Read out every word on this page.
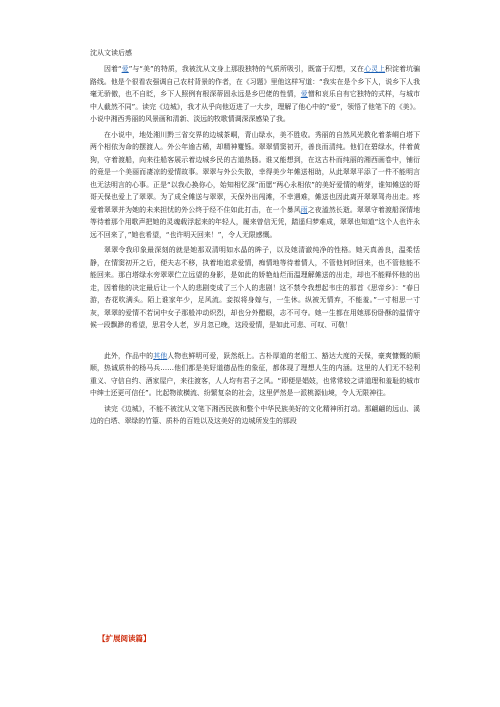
沈从文读后感

因着“爱”与“美”的特质，我被沈从文身上那股独特的气质所吸引，既富于幻想，又在心灵上积淀着坑骗路线。他是个很看农强调自己农村背景的作者，在《习题》里他这样写道：“我实在是个乡下人，说乡下人我毫无骄傲，也不自眨，乡下人照例有根深蒂固永远是乡巴佬的性情，爱憎和哀乐自有它独特的式样，与城市中人截然不同”。读完《边城》，我才从乎向他迈进了一大步，理解了他心中的“爱”，领悟了他笔下的《美》。小说中湘西秀丽的风景画和清新、淡远的牧歌情调深深感染了我。

在小说中，地处湘川黔三省交界的边城茶峒，青山绿水，美不胜收。秀丽的自然风光教化着茶峒白塔下两个相依为命的摆渡人。外公年逾古稀，却精神矍铄。翠翠情窦初开，善良而清纯。他们在碧绿水，伴着黄狗，守着渡船，向来往船客展示着边城乡民的古道热肠。谁又能想到，在这古朴而纯丽的湘西画卷中，铺衍的竟是一个美丽而凄凉的爱情故事。翠翠与外公失散，幸得美少年傩送相助，从此翠翠平添了一件不能明言也无法明言的心事。正是“以我心换你心，始知相忆深”而愿“两心永相依”的美好爱情的萌芽，谁知傩送的哥哥天保也爱上了翠翠。为了成全傩送与翠翠，天保外出闯滩，不幸遇难，傩送也因此离开翠翠驾舟出走。疼爱着翠翠并为她的未来担忧的外公终于经不住如此打击，在一个暴风雨之夜溘然长逝。翠翠守着渡船深情地等待着那个用歌声把她的灵魂载浮起来的年轻人，履来曾信无凭，踏遥归梦难成，翠翠也知道“这个人也许永远不回来了，”她也希望，“也许明天回来！”，令人无限感慨。

翠翠令我印象最深刻的就是她那双清明如水晶的眸子，以及她清澈纯净的性格。她天真善良，温柔恬静，在情窦初开之后，便夫志不移，执着地追求爱情，痴情地等待着情人，不管他何时回来，也不管他能不能回来。那白塔绿水旁翠翠伫立远望的身影，是如此的娇艳灿烂而温理解傩送的出走，却也不能释怀他的出走，因着他的决定最后让一个人的悲剧变成了三个人的悲剧！这不禁令我想起韦庄的那首《思帝乡》：“春日游，杏花吹满头。陌上谁家年少，足风流。妾拟将身嫁与，一生休。纵被无情弃，不能羞。”一寸相思一寸灰，翠翠的爱情不若词中女子那般冲动炽烈，却也分外醋眼，志不可夺。她一生都在用她那份卧酥的温情守候一段飘渺的希望，思君令人老，岁月忽已晚，这段爱情，是如此可悲、可叹、可敬！

此外，作品中的其他人物也鲜明可爱，跃然纸上。古朴厚道的老船工、豁达大度的天保，豪爽慷慨的顺顺，热诚质朴的杨马兵……他们都是美好道德品性的象征，都体现了理想人生的内涵。这里的人们无不轻利重义、守信自约、酒家屋户，来往渡客，人人均有君子之风。“即便是娼妓，也常常较之讲道理和羞耻的城市中绅士还更可信任”。比起物欲横流、纷繁复杂的社会，这里俨然是一派桃源仙境，令人无限神往。

读完《边城》，不能不被沈从文笔下湘西民族和整个中华民族美好的文化精神所打动。那翩翩的远山、溪边的白塔、翠绿的竹篁、质朴的百姓以及这美好的边城所发生的那段

【扩展阅读篇】
